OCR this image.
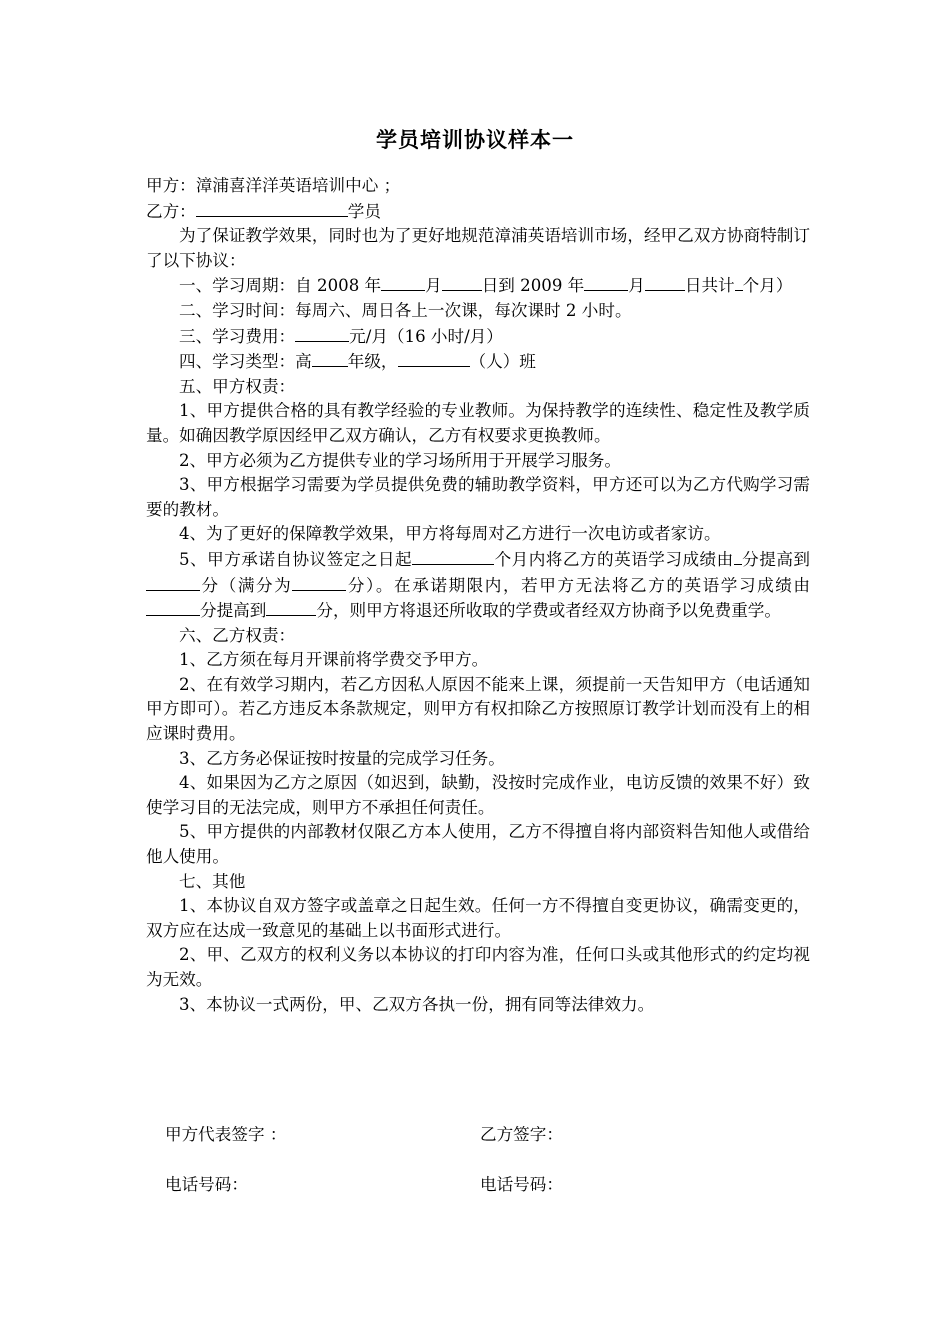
学员培训协议样本一

甲方：漳浦喜洋洋英语培训中心 ；

乙方：	学员

为了保证教学效果，同时也为了更好地规范漳浦英语培训市场，经甲乙双方协商特制订了以下协议：

一、学习周期：自 2008 年	月 日到 2009 年	月 日共计 个月）

二、学习时间：每周六、周日各上一次课，每次课时 2 小时。

三、学习费用：	元/月（16 小时/月）

四、学习类型：高 年级，	（人）班

五、甲方权责：

1、甲方提供合格的具有教学经验的专业教师。为保持教学的连续性、稳定性及教学质量。如确因教学原因经甲乙双方确认，乙方有权要求更换教师。

2、甲方必须为乙方提供专业的学习场所用于开展学习服务。

3、甲方根据学习需要为学员提供免费的辅助教学资料，甲方还可以为乙方代购学习需要的教材。

4、为了更好的保障教学效果，甲方将每周对乙方进行一次电访或者家访。

5、甲方承诺自协议签定之日起	个月内将乙方的英语学习成绩由 分提高到分（满分为	分）。在承诺期限内，若甲方无法将乙方的英语学习成绩由分提高到	分，则甲方将退还所收取的学费或者经双方协商予以免费重学。

六、乙方权责：

1、乙方须在每月开课前将学费交予甲方。

2、在有效学习期内，若乙方因私人原因不能来上课，须提前一天告知甲方（电话通知甲方即可）。若乙方违反本条款规定，则甲方有权扣除乙方按照原订教学计划而没有上的相应课时费用。

3、乙方务必保证按时按量的完成学习任务。

4、如果因为乙方之原因（如迟到，缺勤，没按时完成作业，电访反馈的效果不好）致使学习目的无法完成，则甲方不承担任何责任。

5、甲方提供的内部教材仅限乙方本人使用，乙方不得擅自将内部资料告知他人或借给他人使用。

七、其他

1、本协议自双方签字或盖章之日起生效。任何一方不得擅自变更协议，确需变更的，双方应在达成一致意见的基础上以书面形式进行。

2、甲、乙双方的权利义务以本协议的打印内容为准，任何口头或其他形式的约定均视为无效。

3、本协议一式两份，甲、乙双方各执一份，拥有同等法律效力。

甲方代表签字 ：	乙方签字：
电话号码：	电话号码：
